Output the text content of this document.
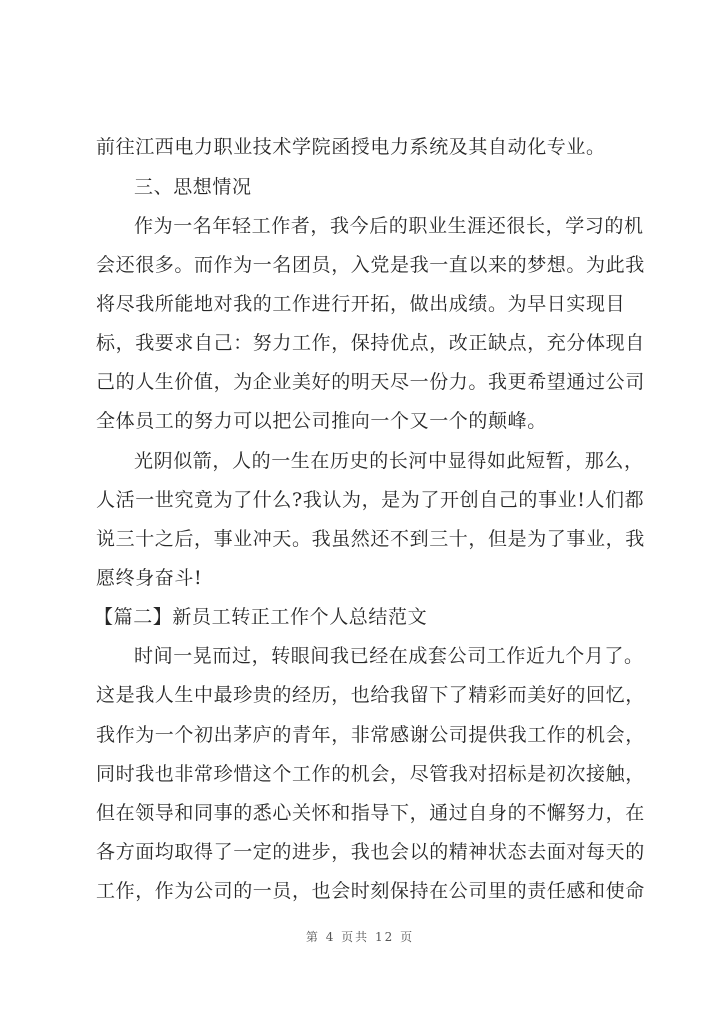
前往江西电力职业技术学院函授电力系统及其自动化专业。
三、思想情况
作为一名年轻工作者，我今后的职业生涯还很长，学习的机
会还很多。而作为一名团员，入党是我一直以来的梦想。为此我
将尽我所能地对我的工作进行开拓，做出成绩。为早日实现目
标，我要求自己：努力工作，保持优点，改正缺点，充分体现自
己的人生价值，为企业美好的明天尽一份力。我更希望通过公司
全体员工的努力可以把公司推向一个又一个的颠峰。
光阴似箭，人的一生在历史的长河中显得如此短暂，那么，
人活一世究竟为了什么?我认为，是为了开创自己的事业!人们都
说三十之后，事业冲天。我虽然还不到三十，但是为了事业，我
愿终身奋斗!
【篇二】新员工转正工作个人总结范文
时间一晃而过，转眼间我已经在成套公司工作近九个月了。
这是我人生中最珍贵的经历，也给我留下了精彩而美好的回忆，
我作为一个初出茅庐的青年，非常感谢公司提供我工作的机会，
同时我也非常珍惜这个工作的机会，尽管我对招标是初次接触，
但在领导和同事的悉心关怀和指导下，通过自身的不懈努力，在
各方面均取得了一定的进步，我也会以的精神状态去面对每天的
工作，作为公司的一员，也会时刻保持在公司里的责任感和使命
第 4 页共 12 页
